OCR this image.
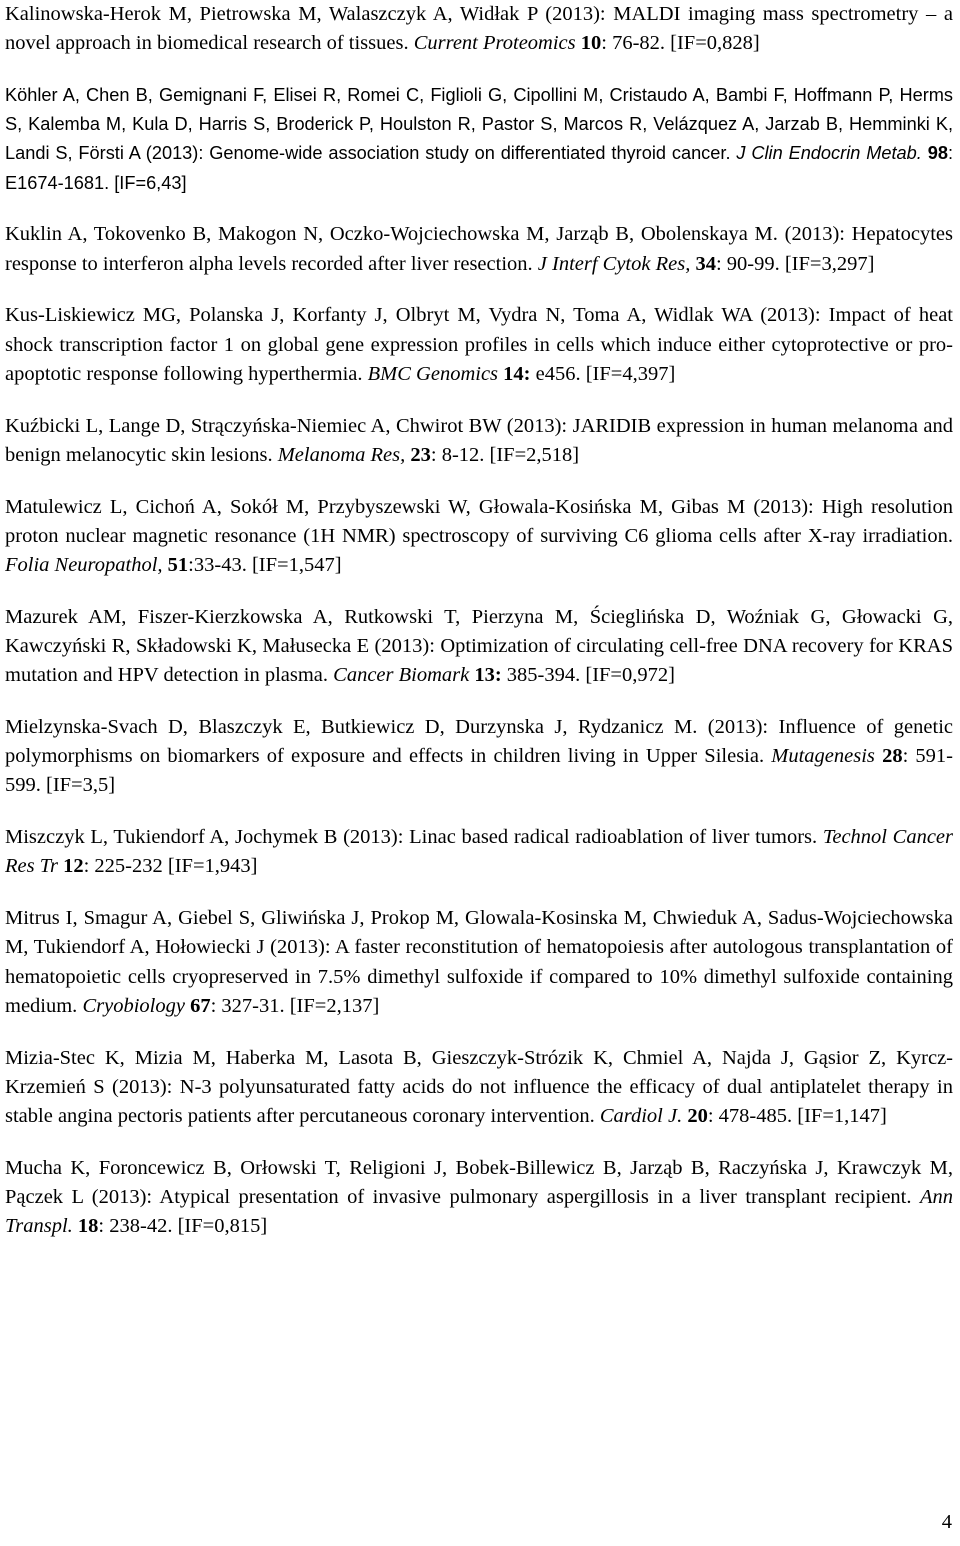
Kalinowska-Herok M, Pietrowska M, Walaszczyk A, Widłak P (2013): MALDI imaging mass spectrometry – a novel approach in biomedical research of tissues. Current Proteomics 10: 76-82. [IF=0,828]

Köhler A, Chen B, Gemignani F, Elisei R, Romei C, Figlioli G, Cipollini M, Cristaudo A, Bambi F, Hoffmann P, Herms S, Kalemba M, Kula D, Harris S, Broderick P, Houlston R, Pastor S, Marcos R, Velázquez A, Jarzab B, Hemminki K, Landi S, Försti A (2013): Genome-wide association study on differentiated thyroid cancer. J Clin Endocrin Metab. 98: E1674-1681. [IF=6,43]

Kuklin A, Tokovenko B, Makogon N, Oczko-Wojciechowska M, Jarząb B, Obolenskaya M. (2013): Hepatocytes response to interferon alpha levels recorded after liver resection. J Interf Cytok Res, 34: 90-99. [IF=3,297]

Kus-Liskiewicz MG, Polanska J, Korfanty J, Olbryt M, Vydra N, Toma A, Widlak WA (2013): Impact of heat shock transcription factor 1 on global gene expression profiles in cells which induce either cytoprotective or pro-apoptotic response following hyperthermia. BMC Genomics 14: e456. [IF=4,397]

Kuźbicki L, Lange D, Strączyńska-Niemiec A, Chwirot BW (2013): JARIDIB expression in human melanoma and benign melanocytic skin lesions. Melanoma Res, 23: 8-12. [IF=2,518]

Matulewicz L, Cichoń A, Sokół M, Przybyszewski W, Głowala-Kosińska M, Gibas M (2013): High resolution proton nuclear magnetic resonance (1H NMR) spectroscopy of surviving C6 glioma cells after X-ray irradiation. Folia Neuropathol, 51:33-43. [IF=1,547]

Mazurek AM, Fiszer-Kierzkowska A, Rutkowski T, Pierzyna M, Ścieglińska D, Woźniak G, Głowacki G, Kawczyński R, Składowski K, Małusecka E (2013): Optimization of circulating cell-free DNA recovery for KRAS mutation and HPV detection in plasma. Cancer Biomark 13: 385-394. [IF=0,972]

Mielzynska-Svach D, Blaszczyk E, Butkiewicz D, Durzynska J, Rydzanicz M. (2013): Influence of genetic polymorphisms on biomarkers of exposure and effects in children living in Upper Silesia. Mutagenesis 28: 591-599. [IF=3,5]

Miszczyk L, Tukiendorf A, Jochymek B (2013): Linac based radical radioablation of liver tumors. Technol Cancer Res Tr 12: 225-232 [IF=1,943]

Mitrus I, Smagur A, Giebel S, Gliwińska J, Prokop M, Glowala-Kosinska M, Chwieduk A, Sadus-Wojciechowska M, Tukiendorf A, Hołowiecki J (2013): A faster reconstitution of hematopoiesis after autologous transplantation of hematopoietic cells cryopreserved in 7.5% dimethyl sulfoxide if compared to 10% dimethyl sulfoxide containing medium. Cryobiology 67: 327-31. [IF=2,137]

Mizia-Stec K, Mizia M, Haberka M, Lasota B, Gieszczyk-Strózik K, Chmiel A, Najda J, Gąsior Z, Kyrcz-Krzemień S (2013): N-3 polyunsaturated fatty acids do not influence the efficacy of dual antiplatelet therapy in stable angina pectoris patients after percutaneous coronary intervention. Cardiol J. 20: 478-485. [IF=1,147]

Mucha K, Foroncewicz B, Orłowski T, Religioni J, Bobek-Billewicz B, Jarząb B, Raczyńska J, Krawczyk M, Pączek L (2013): Atypical presentation of invasive pulmonary aspergillosis in a liver transplant recipient. Ann Transpl. 18: 238-42. [IF=0,815]

4
